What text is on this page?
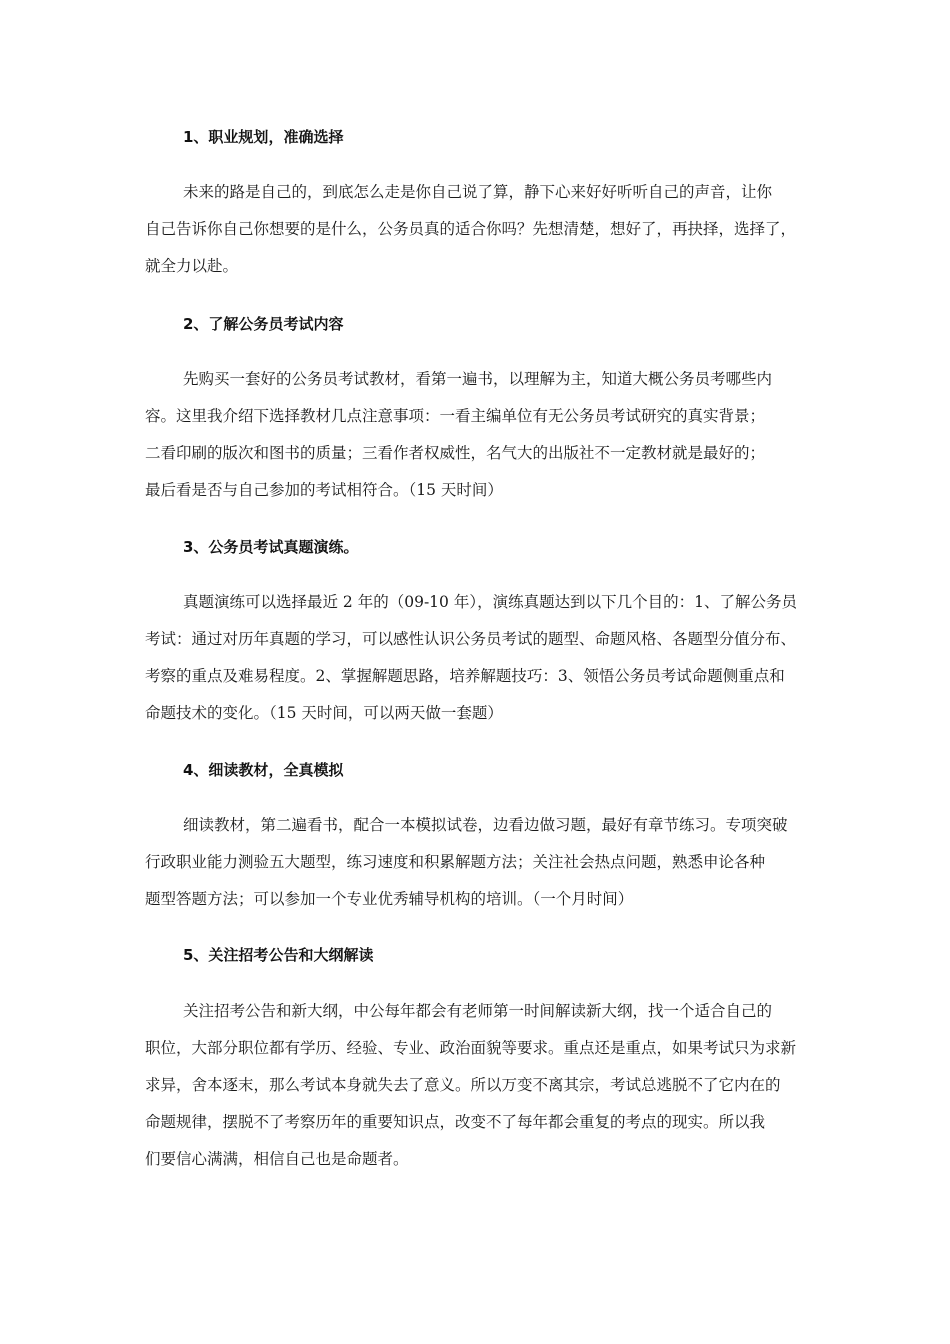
1、职业规划，准确选择
未来的路是自己的，到底怎么走是你自己说了算，静下心来好好听听自己的声音，让你
自己告诉你自己你想要的是什么，公务员真的适合你吗？先想清楚，想好了，再抉择，选择了，
就全力以赴。
2、了解公务员考试内容
先购买一套好的公务员考试教材，看第一遍书，以理解为主，知道大概公务员考哪些内
容。这里我介绍下选择教材几点注意事项：一看主编单位有无公务员考试研究的真实背景；
二看印刷的版次和图书的质量；三看作者权威性，名气大的出版社不一定教材就是最好的；
最后看是否与自己参加的考试相符合。（15 天时间）
3、公务员考试真题演练。
真题演练可以选择最近 2 年的（09-10 年），演练真题达到以下几个目的：1、了解公务员
考试：通过对历年真题的学习，可以感性认识公务员考试的题型、命题风格、各题型分值分布、
考察的重点及难易程度。2、掌握解题思路，培养解题技巧：3、领悟公务员考试命题侧重点和
命题技术的变化。（15 天时间，可以两天做一套题）
4、细读教材，全真模拟
细读教材，第二遍看书，配合一本模拟试卷，边看边做习题，最好有章节练习。专项突破
行政职业能力测验五大题型，练习速度和积累解题方法；关注社会热点问题，熟悉申论各种
题型答题方法；可以参加一个专业优秀辅导机构的培训。（一个月时间）
5、关注招考公告和大纲解读
关注招考公告和新大纲，中公每年都会有老师第一时间解读新大纲，找一个适合自己的
职位，大部分职位都有学历、经验、专业、政治面貌等要求。重点还是重点，如果考试只为求新
求异，舍本逐末，那么考试本身就失去了意义。所以万变不离其宗，考试总逃脱不了它内在的
命题规律，摆脱不了考察历年的重要知识点，改变不了每年都会重复的考点的现实。所以我
们要信心满满，相信自己也是命题者。
